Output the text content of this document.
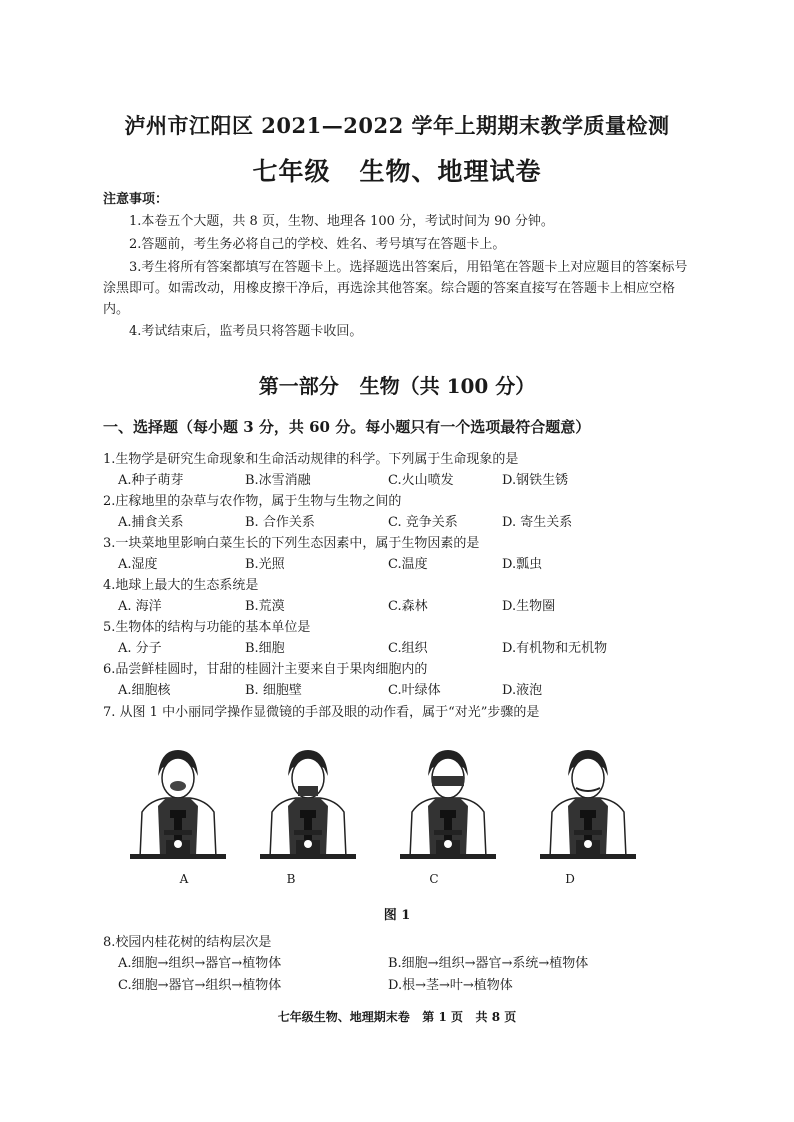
泸州市江阳区 2021—2022 学年上期期末教学质量检测
七年级   生物、地理试卷
注意事项：
1.本卷五个大题，共 8 页，生物、地理各 100 分，考试时间为 90 分钟。
2.答题前，考生务必将自己的学校、姓名、考号填写在答题卡上。
3.考生将所有答案都填写在答题卡上。选择题选出答案后，用铅笔在答题卡上对应题目的答案标号涂黑即可。如需改动，用橡皮擦干净后，再选涂其他答案。综合题的答案直接写在答题卡上相应空格内。
4.考试结束后，监考员只将答题卡收回。
第一部分   生物（共 100 分）
一、选择题（每小题 3 分，共 60 分。每小题只有一个选项最符合题意）
1.生物学是研究生命现象和生命活动规律的科学。下列属于生命现象的是
A.种子萌芽	B.冰雪消融	C.火山喷发	D.钢铁生锈
2.庄稼地里的杂草与农作物，属于生物与生物之间的
A.捕食关系	B. 合作关系	C. 竞争关系	D. 寄生关系
3.一块菜地里影响白菜生长的下列生态因素中，属于生物因素的是
A.湿度	B.光照	C.温度	D.瓢虫
4.地球上最大的生态系统是
A. 海洋	B.荒漠	C.森林	D.生物圈
5.生物体的结构与功能的基本单位是
A. 分子	B.细胞	C.组织	D.有机物和无机物
6.品尝鲜桂圆时，甘甜的桂圆汁主要来自于果肉细胞内的
A.细胞核	B. 细胞壁	C.叶绿体	D.液泡
7. 从图 1 中小丽同学操作显微镜的手部及眼的动作看，属于“对光”步骤的是
A	B	C	D
图 1
8.校园内桂花树的结构层次是
A.细胞→组织→器官→植物体	B.细胞→组织→器官→系统→植物体
C.细胞→器官→组织→植物体	D.根→茎→叶→植物体
七年级生物、地理期末卷   第 1 页   共 8 页
